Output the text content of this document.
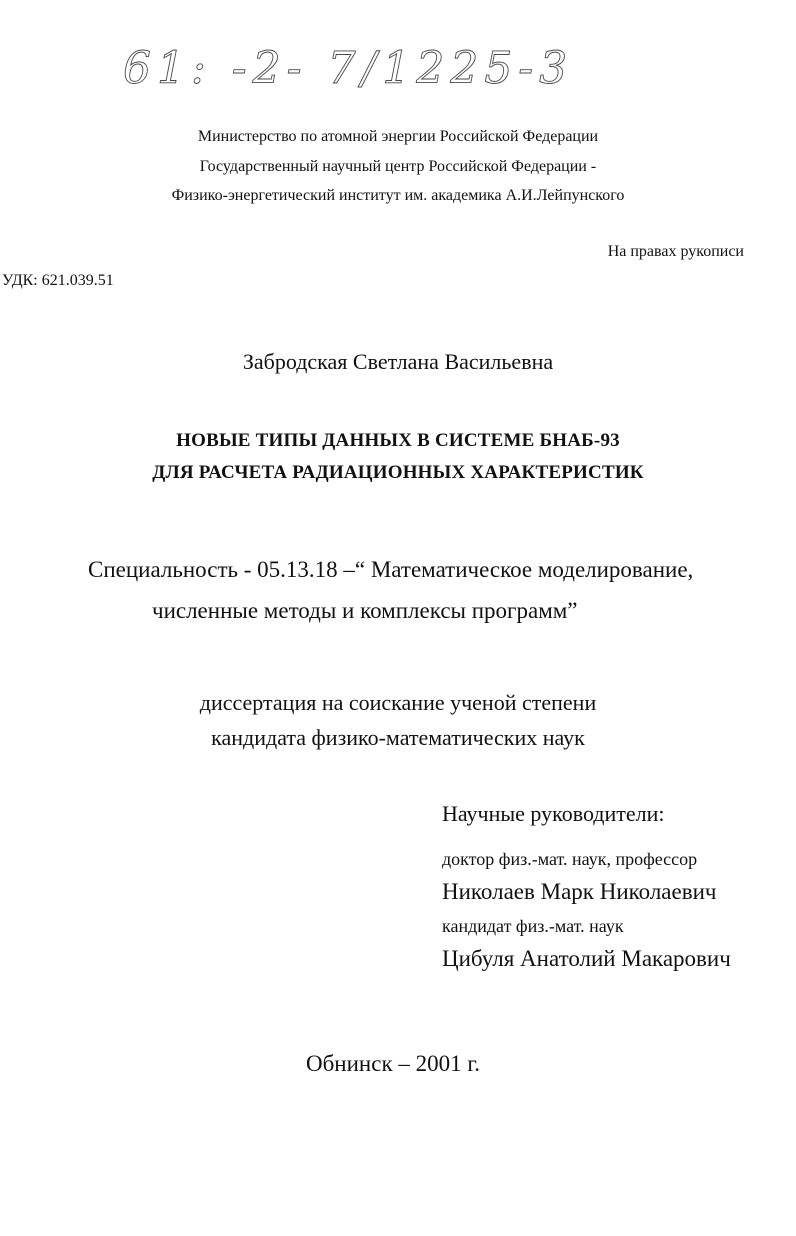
61: -2- 7/1225-3
Министерство по атомной энергии Российской Федерации
Государственный научный центр Российской Федерации -
Физико-энергетический институт им. академика А.И.Лейпунского
На правах рукописи
УДК: 621.039.51
Забродская Светлана Васильевна
НОВЫЕ ТИПЫ ДАННЫХ В СИСТЕМЕ БНАБ-93
ДЛЯ РАСЧЕТА РАДИАЦИОННЫХ ХАРАКТЕРИСТИК
Специальность - 05.13.18 –“ Математическое моделирование,
численные методы и комплексы программ”
диссертация на соискание ученой степени
кандидата физико-математических наук
Научные руководители:
доктор физ.-мат. наук, профессор
Николаев Марк Николаевич
кандидат физ.-мат. наук
Цибуля Анатолий Макарович
Обнинск – 2001 г.
